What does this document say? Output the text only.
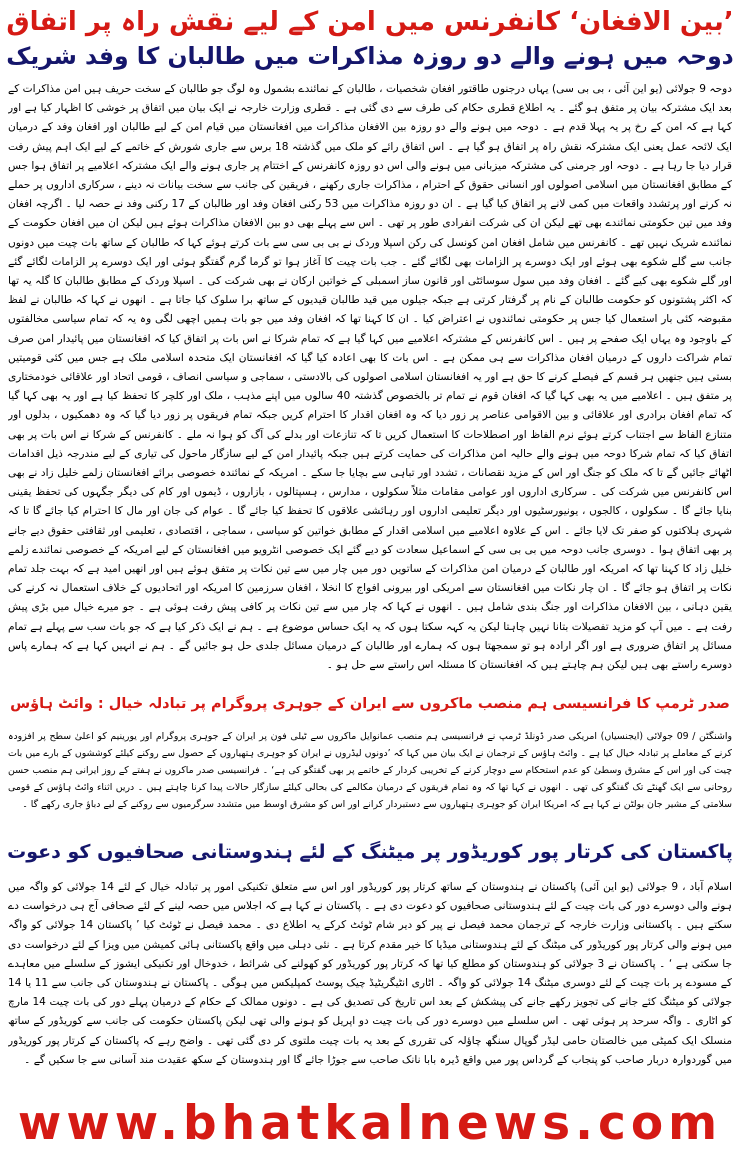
’بین الافغان‘ کانفرنس میں امن کے لیے نقش راہ پر اتفاق
دوحہ میں ہونے والے دو روزہ مذاکرات میں طالبان کا وفد شریک
دوحہ 9 جولائی (یو این آئی ، بی بی سی) یہاں درجنوں طاقتور افغان شخصیات ، طالبان کے نمائندے بشمول وہ لوگ جو طالبان کے سخت حریف ہیں امن مذاکرات کے بعد ایک مشترکہ بیان پر متفق ہو گئے ۔ یہ اطلاع قطری حکام کی طرف سے دی گئی ہے ۔ قطری وزارت خارجہ نے ایک بیان میں اتفاق پر خوشی کا اظہار کیا ہے اور کہا ہے کہ امن کے رخ پر یہ پہلا قدم ہے ۔ دوحہ میں ہونے والے دو روزہ بین الافغان مذاکرات میں افغانستان میں قیام امن کے لیے طالبان اور افغان وفد کے درمیان ایک لائحہ عمل یعنی ایک مشترکہ نقش راہ پر اتفاق ہو گیا ہے ۔ اس اتفاق رائے کو ملک میں گذشتہ 18 برس سے جاری شورش کے خاتمے کے لیے ایک اہم پیش رفت قرار دیا جا رہا ہے ۔ دوحہ اور جرمنی کی مشترکہ میزبانی میں ہونے والی اس دو روزہ کانفرنس کے اختتام پر جاری ہونے والے ایک مشترکہ اعلامیے پر اتفاق ہوا جس کے مطابق افغانستان میں اسلامی اصولوں اور انسانی حقوق کے احترام ، مذاکرات جاری رکھنے ، فریقین کی جانب سے سخت بیانات نہ دینے ، سرکاری اداروں پر حملے نہ کرنے اور پرتشدد واقعات میں کمی لانے پر اتفاق کیا گیا ہے ۔ ان دو روزہ مذاکرات میں 53 رکنی افغان وفد اور طالبان کے 17 رکنی وفد نے حصہ لیا ۔ اگرچہ افغان وفد میں تین حکومتی نمائندے بھی تھے لیکن ان کی شرکت انفرادی طور پر تھی ۔ اس سے پہلے بھی دو بین الافغان مذاکرات ہوئے ہیں لیکن ان میں افغان حکومت کے نمائندے شریک نہیں تھے ۔ کانفرنس میں شامل افغان امن کونسل کی رکن اسپلا وردک نے بی بی سی سے بات کرتے ہوئے کہا کہ طالبان کے ساتھ بات چیت میں دونوں جانب سے گلے شکوے بھی ہوئے اور ایک دوسرے پر الزامات بھی لگائے گئے ۔ جب بات چیت کا آغاز ہوا تو گرما گرم گفتگو ہوئی اور ایک دوسرے پر الزامات لگائے گئے اور گلے شکوے بھی کیے گئے ۔ افغان وفد میں سول سوسائٹی اور قانون ساز اسمبلی کے خواتین ارکان نے بھی شرکت کی ۔ اسپلا وردک کے مطابق طالبان کا گلہ یہ تھا کہ اکثر پشتونوں کو حکومت طالبان کے نام پر گرفتار کرتی ہے جبکہ جیلوں میں قید طالبان قیدیوں کے ساتھ برا سلوک کیا جاتا ہے ۔ انھوں نے کہا کہ طالبان نے لفظ مقبوضہ کئی بار استعمال کیا جس پر حکومتی نمائندوں نے اعتراض کیا ۔ ان کا کہنا تھا کہ افغان وفد میں جو بات ہمیں اچھی لگی وہ یہ کہ تمام سیاسی مخالفتوں کے باوجود وہ یہاں ایک صفحے پر ہیں ۔ اس کانفرنس کے مشترکہ اعلامیے میں کہا گیا ہے کہ تمام شرکا نے اس بات پر اتفاق کیا کہ افغانستان میں پائیدار امن صرف تمام شراکت داروں کے درمیان افغان مذاکرات سے ہی ممکن ہے ۔ اس بات کا بھی اعادہ کیا گیا کہ افغانستان ایک متحدہ اسلامی ملک ہے جس میں کئی قومیتیں بستی ہیں جنھیں ہر قسم کے فیصلے کرنے کا حق ہے اور یہ افغانستان اسلامی اصولوں کی بالادستی ، سماجی و سیاسی انصاف ، قومی اتحاد اور علاقائی خودمختاری پر متفق ہیں ۔ اعلامیے میں یہ بھی کہا گیا کہ افغان قوم نے تمام تر بالخصوص گذشتہ 40 سالوں میں اپنے مذہب ، ملک اور کلچر کا تحفظ کیا ہے اور یہ بھی کہا گیا کہ تمام افغان برادری اور علاقائی و بین الاقوامی عناصر پر زور دیا کہ وہ افغان اقدار کا احترام کریں جبکہ تمام فریقوں پر زور دیا گیا کہ وہ دھمکیوں ، بدلوں اور متنازع الفاظ سے اجتناب کرتے ہوئے نرم الفاظ اور اصطلاحات کا استعمال کریں تا کہ تنازعات اور بدلے کی آگ کو ہوا نہ ملے ۔ کانفرنس کے شرکا نے اس بات پر بھی اتفاق کیا کہ تمام شرکا دوحہ میں ہونے والے حالیہ امن مذاکرات کی حمایت کرتے ہیں جبکہ پائیدار امن کے لیے سازگار ماحول کی تیاری کے لیے مندرجہ ذیل اقدامات اٹھائے جائیں گے تا کہ ملک کو جنگ اور اس کے مزید نقصانات ، تشدد اور تباہی سے بچایا جا سکے ۔ امریکہ کے نمائندہ خصوصی برائے افغانستان زلمے خلیل زاد نے بھی اس کانفرنس میں شرکت کی ۔ سرکاری اداروں اور عوامی مقامات مثلاً سکولوں ، مدارس ، ہسپتالوں ، بازاروں ، ڈیموں اور کام کی دیگر جگہوں کی تحفظ یقینی بنایا جائے گا ۔ سکولوں ، کالجوں ، یونیورسٹیوں اور دیگر تعلیمی اداروں اور رہائشی علاقوں کا تحفظ کیا جائے گا ۔ عوام کی جان اور مال کا احترام کیا جائے گا تا کہ شہری ہلاکتوں کو صفر تک لایا جائے ۔ اس کے علاوہ اعلامیے میں اسلامی اقدار کے مطابق خواتین کو سیاسی ، سماجی ، اقتصادی ، تعلیمی اور ثقافتی حقوق دیے جانے پر بھی اتفاق ہوا ۔ دوسری جانب دوحہ میں بی بی سی کے اسماعیل سعادت کو دیے گئے ایک خصوصی انٹرویو میں افغانستان کے لیے امریکہ کے خصوصی نمائندے زلمے خلیل زاد کا کہنا تھا کہ امریکہ اور طالبان کے درمیان امن مذاکرات کے ساتویں دور میں چار میں سے تین نکات پر متفق ہوئے ہیں اور انھیں امید ہے کہ بہت جلد تمام نکات پر اتفاق ہو جائے گا ۔ ان چار نکات میں افغانستان سے امریکی اور بیرونی افواج کا انخلا ، افغان سرزمین کا امریکہ اور اتحادیوں کے خلاف استعمال نہ کرنے کی یقین دہانی ، بین الافغان مذاکرات اور جنگ بندی شامل ہیں ۔ انھوں نے کہا کہ چار میں سے تین نکات پر کافی پیش رفت ہوئی ہے ۔ جو میرے خیال میں بڑی پیش رفت ہے ۔ میں آپ کو مزید تفصیلات بتانا نہیں چاہتا لیکن یہ کہہ سکتا ہوں کہ یہ ایک حساس موضوع ہے ۔ ہم نے ایک ذکر کیا ہے کہ جو بات سب سے پہلے ہے تمام مسائل پر اتفاق ضروری ہے اور اگر ارادہ ہو تو سمجھتا ہوں کہ ہمارے اور طالبان کے درمیان مسائل جلدی حل ہو جائیں گے ۔ ہم نے انہیں کہا ہے کہ ہمارے پاس دوسرے راستے بھی ہیں لیکن ہم چاہتے ہیں کہ افغانستان کا مسئلہ اس راستے سے حل ہو ۔
صدر ٹرمپ کا فرانسیسی ہم منصب ماکروں سے ایران کے جوہری پروگرام پر تبادلہ خیال : وائٹ ہاؤس
واشنگٹن / 09 جولائی (ایجنسیاں) امریکی صدر ڈونلڈ ٹرمپ نے فرانسیسی ہم منصب عمانوایل ماکروں سے ٹیلی فون پر ایران کے جوہری پروگرام اور یورینیم کو اعلیٰ سطح پر افزودہ کرنے کے معاملے پر تبادلہ خیال کیا ہے ۔ وائٹ ہاؤس کے ترجمان نے ایک بیان میں کہا کہ ’دونوں لیڈروں نے ایران کو جوہری ہتھیاروں کے حصول سے روکنے کیلئے کوششوں کے بارے میں بات چیت کی اور اس کے مشرق وسطیٰ کو عدم استحکام سے دوچار کرنے کے تخریبی کردار کے خاتمے پر بھی گفتگو کی ہے‘ ۔ فرانسیسی صدر ماکروں نے ہفتے کے روز ایرانی ہم منصب حسن روحانی سے ایک گھنٹے تک گفتگو کی تھی ۔ انھوں نے کہا تھا کہ وہ تمام فریقوں کے درمیان مکالمے کی بحالی کیلئے سازگار حالات پیدا کرنا چاہتے ہیں ۔ دریں اثناء وائٹ ہاؤس کے قومی سلامتی کے مشیر جان بولٹن نے کہا ہے کہ امریکا ایران کو جوہری ہتھیاروں سے دستبردار کرانے اور اس کو مشرق اوسط میں متشدد سرگرمیوں سے روکنے کے لیے دباؤ جاری رکھے گا ۔
پاکستان کی کرتار پور کوریڈور پر میٹنگ کے لئے ہندوستانی صحافیوں کو دعوت
اسلام آباد ، 9 جولائی (یو این آئی) پاکستان نے ہندوستان کے ساتھ کرتار پور کوریڈور اور اس سے متعلق تکنیکی امور پر تبادلہ خیال کے لئے 14 جولائی کو واگہ میں ہونے والی دوسرے دور کی بات چیت کے لئے ہندوستانی صحافیوں کو دعوت دی ہے ۔ پاکستان نے کہا ہے کہ اجلاس میں حصہ لینے کے لئے صحافی آج ہی درخواست دے سکتے ہیں ۔ پاکستانی وزارت خارجہ کے ترجمان محمد فیصل نے پیر کو دیر شام ٹوئٹ کرکے یہ اطلاع دی ۔ محمد فیصل نے ٹوئٹ کیا ’ پاکستان 14 جولائی کو واگہ میں ہونے والی کرتار پور کوریڈور کی میٹنگ کے لئے ہندوستانی میڈیا کا خیر مقدم کرتا ہے ۔ نئی دہلی میں واقع پاکستانی ہائی کمیشن میں ویزا کے لئے درخواست دی جا سکتی ہے ‘ ۔ پاکستان نے 3 جولائی کو ہندوستان کو مطلع کیا تھا کہ کرتار پور کوریڈور کو کھولنے کی شرائط ، خدوخال اور تکنیکی ایشوز کے سلسلے میں معاہدے کے مسودے پر بات چیت کے لئے دوسری میٹنگ 14 جولائی کو واگہ ۔ اٹاری انٹیگریٹیڈ چیک پوسٹ کمپلیکس میں ہوگی ۔ پاکستان نے ہندوستان کی جانب سے 11 یا 14 جولائی کو میٹنگ کئے جانے کی تجویز رکھے جانے کی پیشکش کے بعد اس تاریخ کی تصدیق کی ہے ۔ دونوں ممالک کے حکام کے درمیان پہلے دور کی بات چیت 14 مارچ کو اٹاری ۔ واگہ سرحد پر ہوئی تھی ۔ اس سلسلے میں دوسرے دور کی بات چیت دو اپریل کو ہونے والی تھی لیکن پاکستان حکومت کی جانب سے کوریڈور کے ساتھ منسلک ایک کمیٹی میں خالصتان حامی لیڈر گوپال سنگھ چاؤلہ کی تقرری کے بعد یہ بات چیت ملتوی کر دی گئی تھی ۔ واضح رہے کہ پاکستان کے کرتار پور کوریڈور میں گوردوارہ دربار صاحب کو پنجاب کے گرداس پور میں واقع ڈیرہ بابا نانک صاحب سے جوڑا جائے گا اور ہندوستان کے سکھ عقیدت مند آسانی سے جا سکیں گے ۔
www.bhatkalnews.com
